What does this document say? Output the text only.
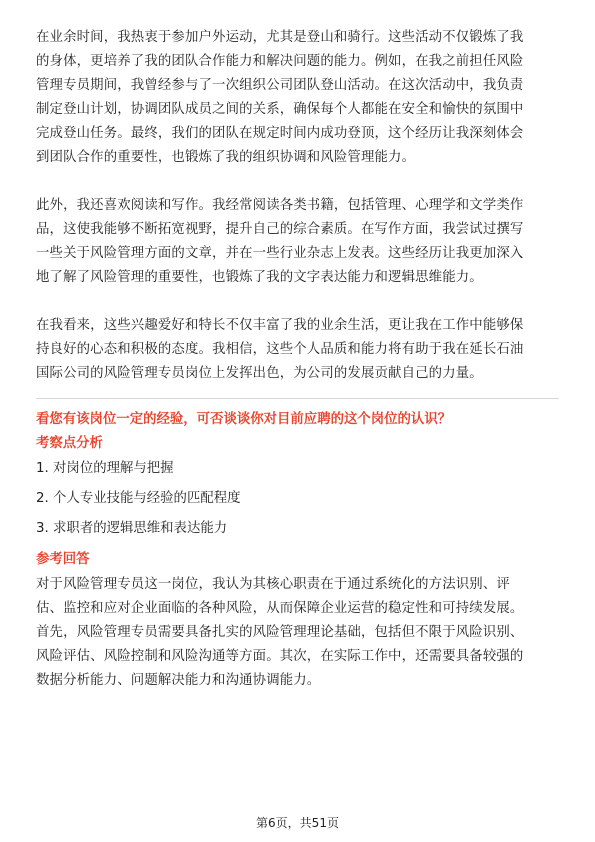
在业余时间，我热衷于参加户外运动，尤其是登山和骑行。这些活动不仅锻炼了我
的身体，更培养了我的团队合作能力和解决问题的能力。例如，在我之前担任风险
管理专员期间，我曾经参与了一次组织公司团队登山活动。在这次活动中，我负责
制定登山计划，协调团队成员之间的关系，确保每个人都能在安全和愉快的氛围中
完成登山任务。最终，我们的团队在规定时间内成功登顶，这个经历让我深刻体会
到团队合作的重要性，也锻炼了我的组织协调和风险管理能力。

此外，我还喜欢阅读和写作。我经常阅读各类书籍，包括管理、心理学和文学类作
品，这使我能够不断拓宽视野，提升自己的综合素质。在写作方面，我尝试过撰写
一些关于风险管理方面的文章，并在一些行业杂志上发表。这些经历让我更加深入
地了解了风险管理的重要性，也锻炼了我的文字表达能力和逻辑思维能力。

在我看来，这些兴趣爱好和特长不仅丰富了我的业余生活，更让我在工作中能够保
持良好的心态和积极的态度。我相信，这些个人品质和能力将有助于我在延长石油
国际公司的风险管理专员岗位上发挥出色，为公司的发展贡献自己的力量。

看您有该岗位一定的经验，可否谈谈你对目前应聘的这个岗位的认识？

考察点分析

1. 对岗位的理解与把握
2. 个人专业技能与经验的匹配程度
3. 求职者的逻辑思维和表达能力

参考回答

对于风险管理专员这一岗位，我认为其核心职责在于通过系统化的方法识别、评
估、监控和应对企业面临的各种风险，从而保障企业运营的稳定性和可持续发展。
首先，风险管理专员需要具备扎实的风险管理理论基础，包括但不限于风险识别、
风险评估、风险控制和风险沟通等方面。其次，在实际工作中，还需要具备较强的
数据分析能力、问题解决能力和沟通协调能力。

第6页，共51页
